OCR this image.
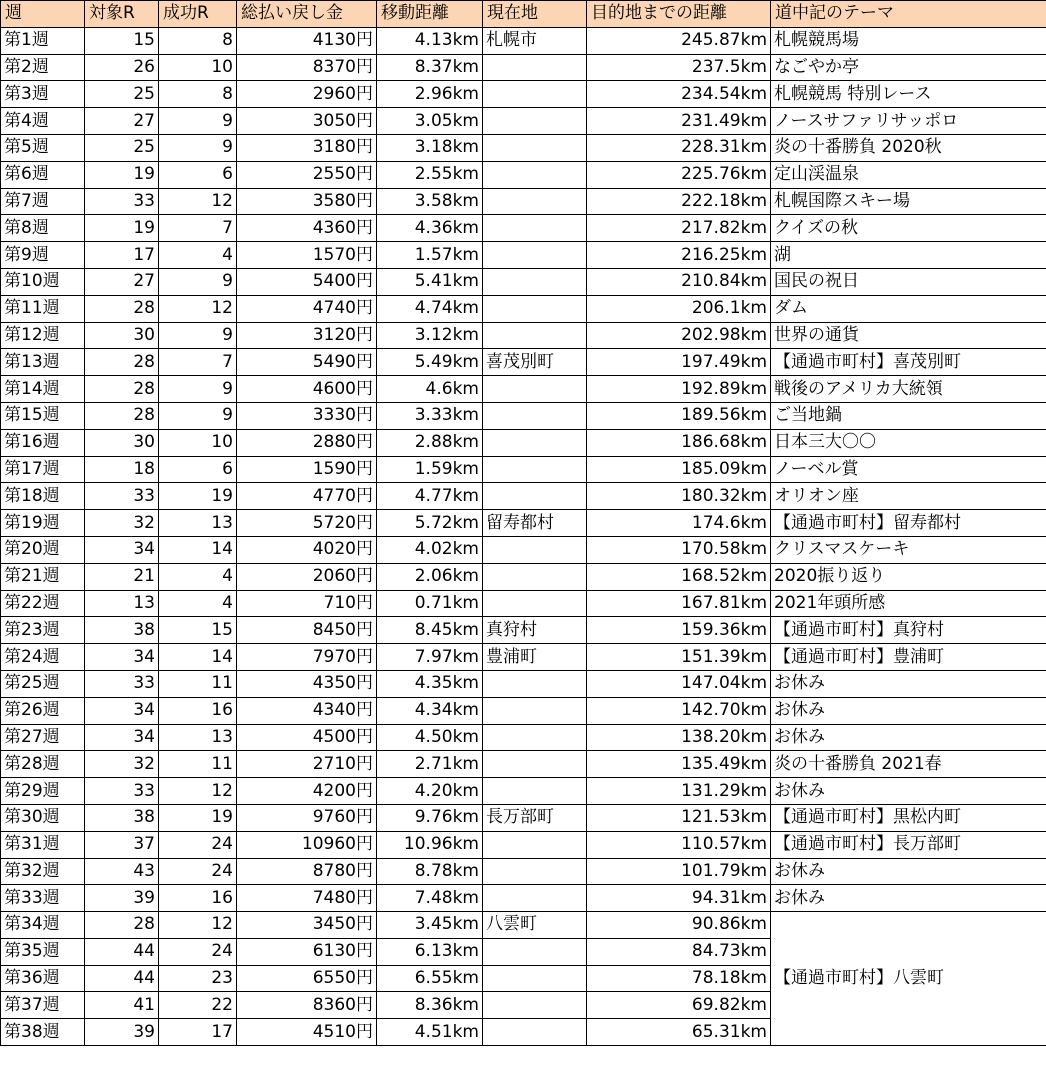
週	対象R	成功R	総払い戻し金	移動距離	現在地	目的地までの距離	道中記のテーマ
第1週	15	8	4130円	4.13km	札幌市	245.87km	札幌競馬場
第2週	26	10	8370円	8.37km		237.5km	なごやか亭
第3週	25	8	2960円	2.96km		234.54km	札幌競馬 特別レース
第4週	27	9	3050円	3.05km		231.49km	ノースサファリサッポロ
第5週	25	9	3180円	3.18km		228.31km	炎の十番勝負 2020秋
第6週	19	6	2550円	2.55km		225.76km	定山渓温泉
第7週	33	12	3580円	3.58km		222.18km	札幌国際スキー場
第8週	19	7	4360円	4.36km		217.82km	クイズの秋
第9週	17	4	1570円	1.57km		216.25km	湖
第10週	27	9	5400円	5.41km		210.84km	国民の祝日
第11週	28	12	4740円	4.74km		206.1km	ダム
第12週	30	9	3120円	3.12km		202.98km	世界の通貨
第13週	28	7	5490円	5.49km	喜茂別町	197.49km	【通過市町村】喜茂別町
第14週	28	9	4600円	4.6km		192.89km	戦後のアメリカ大統領
第15週	28	9	3330円	3.33km		189.56km	ご当地鍋
第16週	30	10	2880円	2.88km		186.68km	日本三大〇〇
第17週	18	6	1590円	1.59km		185.09km	ノーベル賞
第18週	33	19	4770円	4.77km		180.32km	オリオン座
第19週	32	13	5720円	5.72km	留寿都村	174.6km	【通過市町村】留寿都村
第20週	34	14	4020円	4.02km		170.58km	クリスマスケーキ
第21週	21	4	2060円	2.06km		168.52km	2020振り返り
第22週	13	4	710円	0.71km		167.81km	2021年頭所感
第23週	38	15	8450円	8.45km	真狩村	159.36km	【通過市町村】真狩村
第24週	34	14	7970円	7.97km	豊浦町	151.39km	【通過市町村】豊浦町
第25週	33	11	4350円	4.35km		147.04km	お休み
第26週	34	16	4340円	4.34km		142.70km	お休み
第27週	34	13	4500円	4.50km		138.20km	お休み
第28週	32	11	2710円	2.71km		135.49km	炎の十番勝負 2021春
第29週	33	12	4200円	4.20km		131.29km	お休み
第30週	38	19	9760円	9.76km	長万部町	121.53km	【通過市町村】黒松内町
第31週	37	24	10960円	10.96km		110.57km	【通過市町村】長万部町
第32週	43	24	8780円	8.78km		101.79km	お休み
第33週	39	16	7480円	7.48km		94.31km	お休み
第34週	28	12	3450円	3.45km	八雲町	90.86km	【通過市町村】八雲町
第35週	44	24	6130円	6.13km		84.73km	
第36週	44	23	6550円	6.55km		78.18km	
第37週	41	22	8360円	8.36km		69.82km	
第38週	39	17	4510円	4.51km		65.31km	
